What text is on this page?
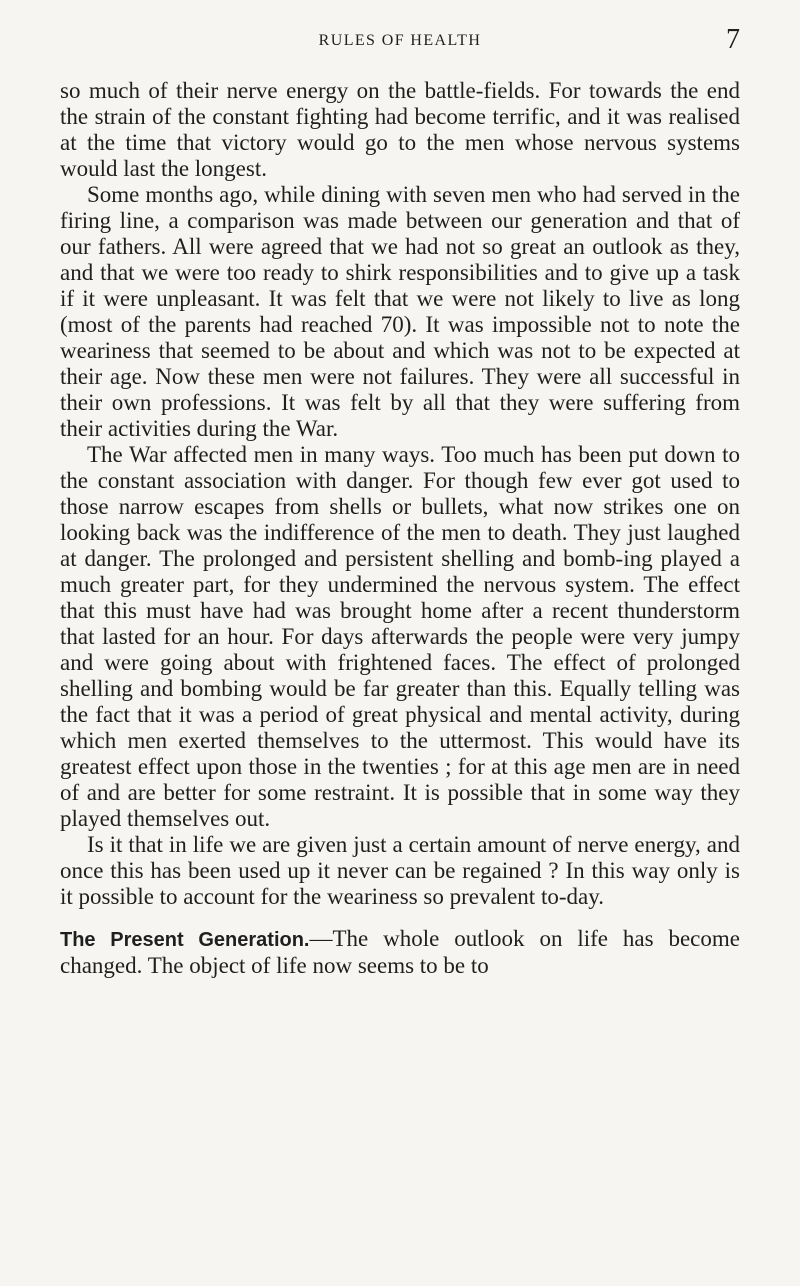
RULES OF HEALTH	7

so much of their nerve energy on the battle-fields. For towards the end the strain of the constant fighting had become terrific, and it was realised at the time that victory would go to the men whose nervous systems would last the longest.

Some months ago, while dining with seven men who had served in the firing line, a comparison was made between our generation and that of our fathers. All were agreed that we had not so great an outlook as they, and that we were too ready to shirk responsibilities and to give up a task if it were unpleasant. It was felt that we were not likely to live as long (most of the parents had reached 70). It was impossible not to note the weariness that seemed to be about and which was not to be expected at their age. Now these men were not failures. They were all successful in their own professions. It was felt by all that they were suffering from their activities during the War.

The War affected men in many ways. Too much has been put down to the constant association with danger. For though few ever got used to those narrow escapes from shells or bullets, what now strikes one on looking back was the indifference of the men to death. They just laughed at danger. The prolonged and persistent shelling and bomb-ing played a much greater part, for they undermined the nervous system. The effect that this must have had was brought home after a recent thunderstorm that lasted for an hour. For days afterwards the people were very jumpy and were going about with frightened faces. The effect of prolonged shelling and bombing would be far greater than this. Equally telling was the fact that it was a period of great physical and mental activity, during which men exerted themselves to the uttermost. This would have its greatest effect upon those in the twenties ; for at this age men are in need of and are better for some restraint. It is possible that in some way they played themselves out.

Is it that in life we are given just a certain amount of nerve energy, and once this has been used up it never can be regained ? In this way only is it possible to account for the weariness so prevalent to-day.

The Present Generation.—The whole outlook on life has become changed. The object of life now seems to be to
